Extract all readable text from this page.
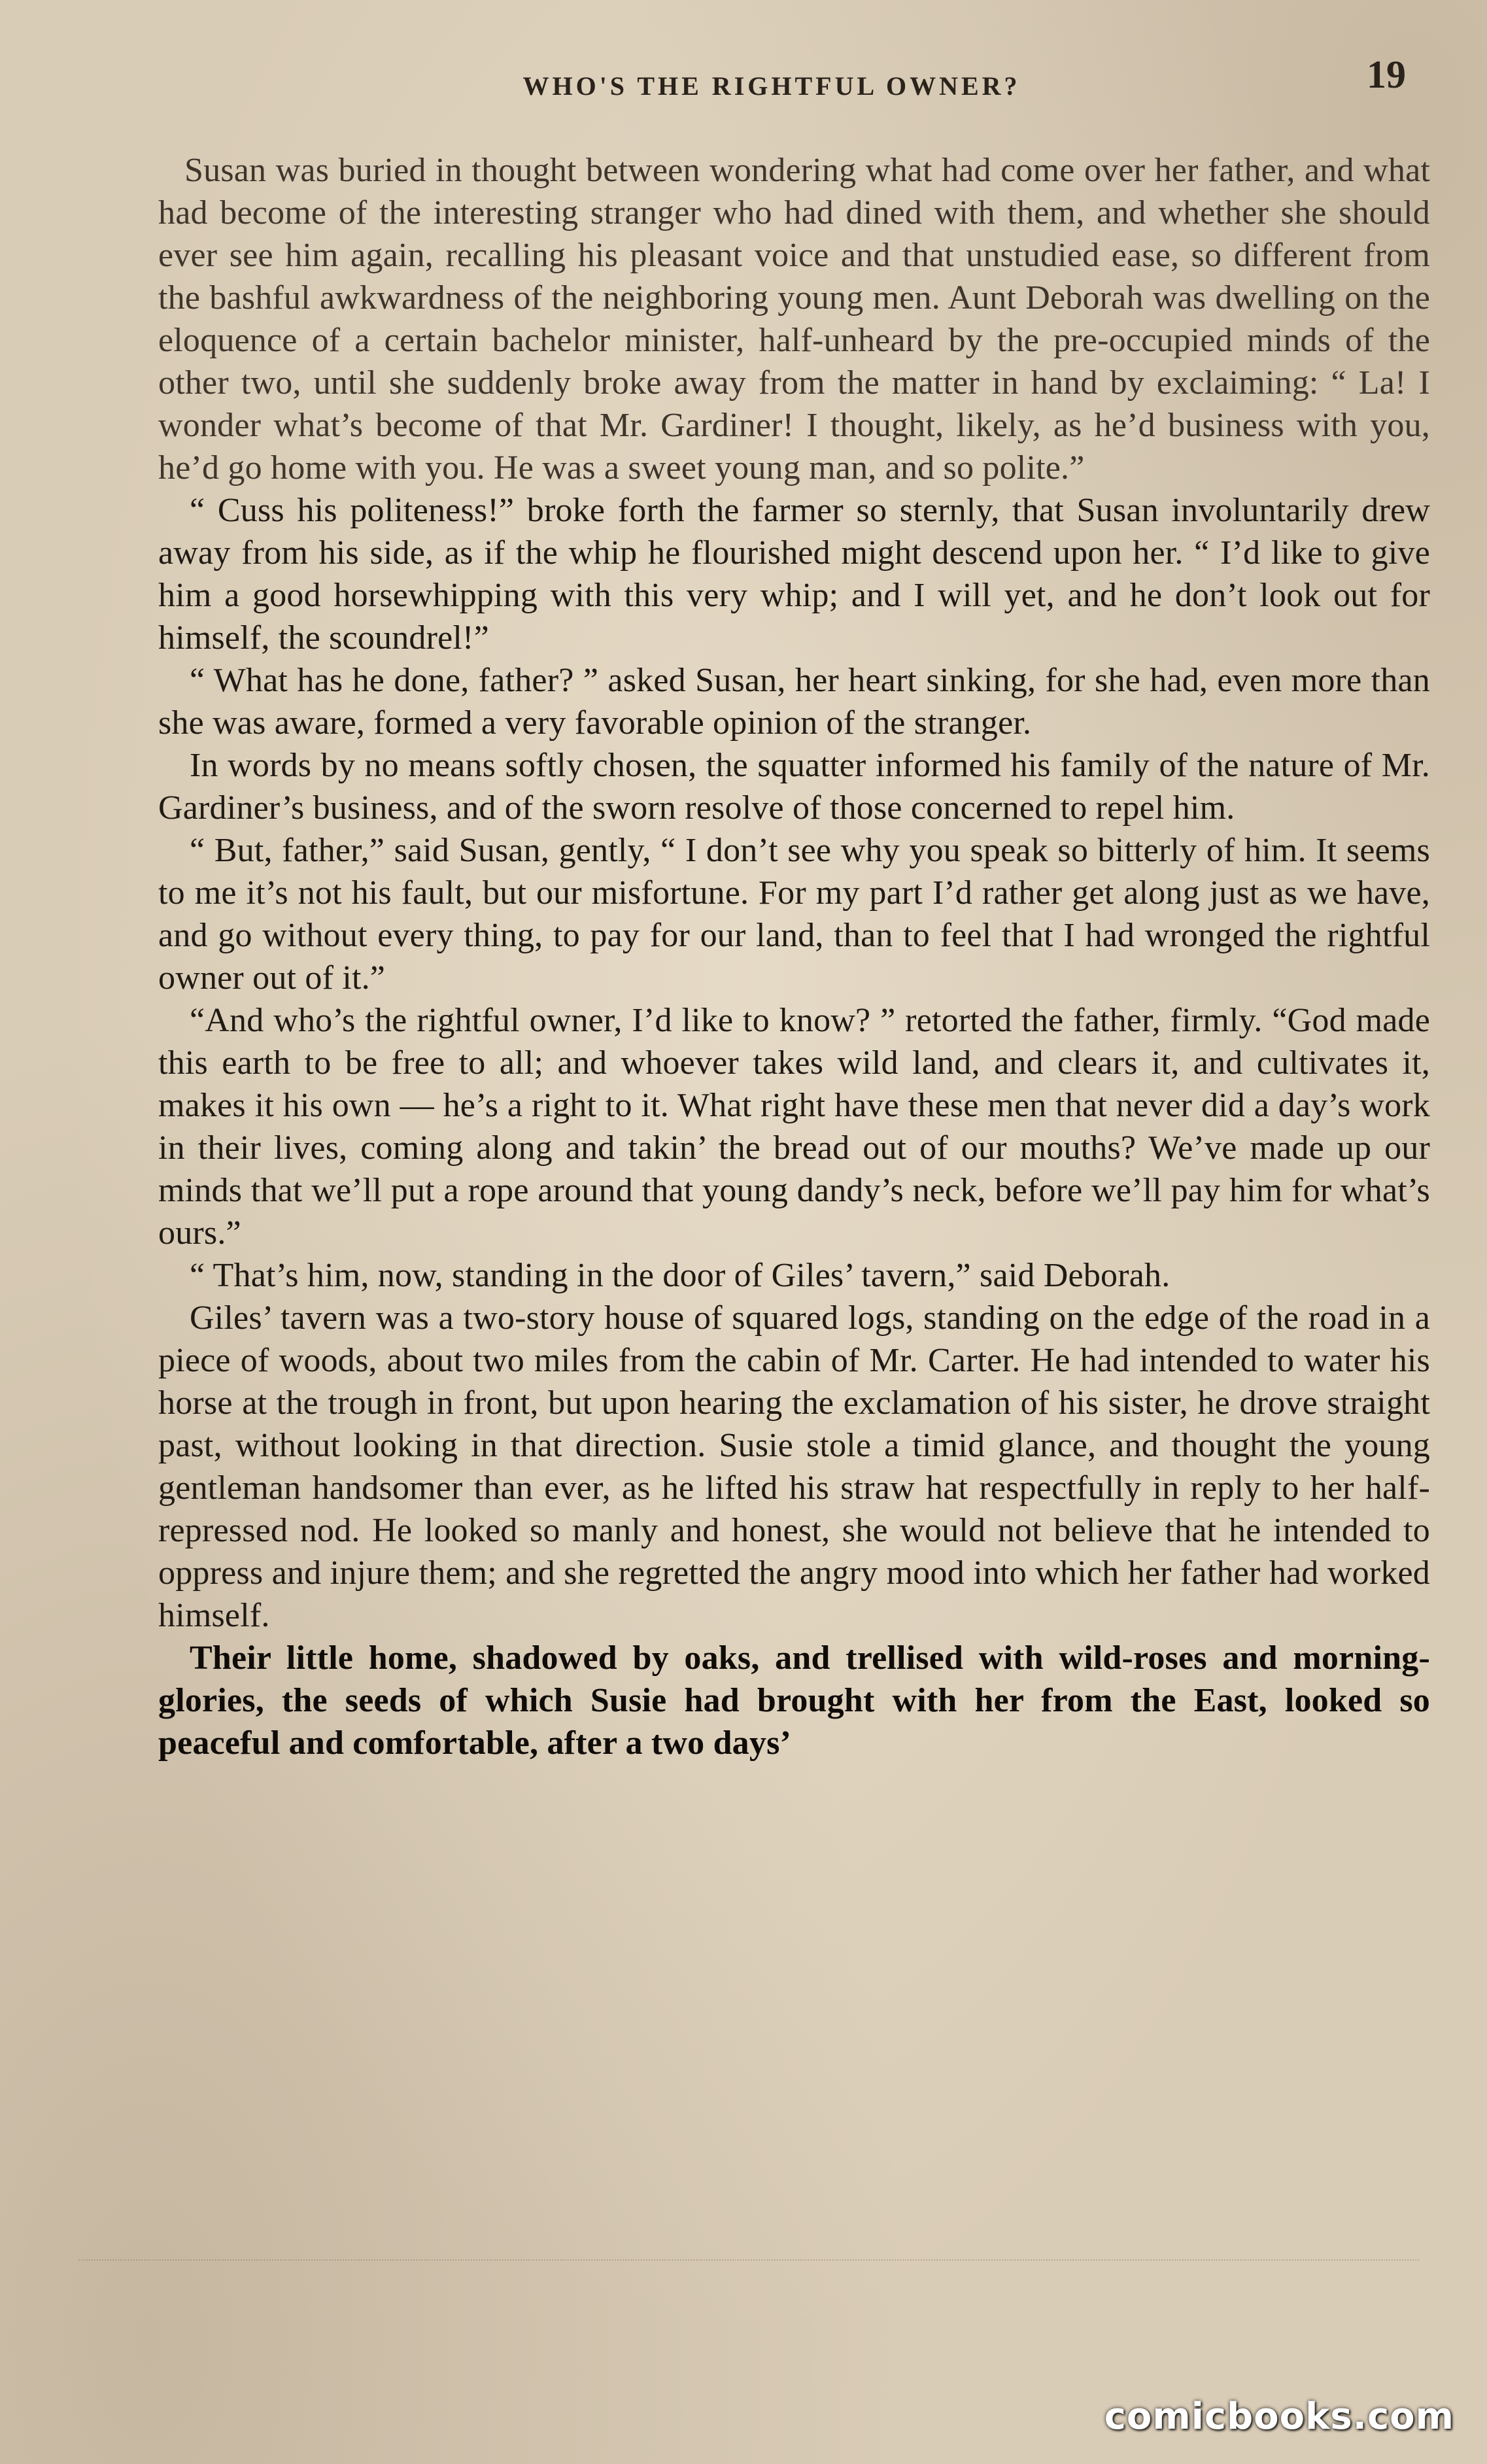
WHO'S THE RIGHTFUL OWNER?	19

Susan was buried in thought between wondering what had come over her father, and what had become of the interesting stranger who had dined with them, and whether she should ever see him again, recalling his pleasant voice and that unstudied ease, so different from the bashful awkwardness of the neighboring young men. Aunt Deborah was dwelling on the eloquence of a certain bachelor minister, half-unheard by the pre-occupied minds of the other two, until she suddenly broke away from the matter in hand by exclaiming: “ La! I wonder what’s become of that Mr. Gardiner! I thought, likely, as he’d business with you, he’d go home with you. He was a sweet young man, and so polite.”

“ Cuss his politeness!” broke forth the farmer so sternly, that Susan involuntarily drew away from his side, as if the whip he flourished might descend upon her. “ I’d like to give him a good horsewhipping with this very whip; and I will yet, and he don’t look out for himself, the scoundrel!”

“ What has he done, father? ” asked Susan, her heart sinking, for she had, even more than she was aware, formed a very favorable opinion of the stranger.

In words by no means softly chosen, the squatter informed his family of the nature of Mr. Gardiner’s business, and of the sworn resolve of those concerned to repel him.

“ But, father,” said Susan, gently, “ I don’t see why you speak so bitterly of him. It seems to me it’s not his fault, but our misfortune. For my part I’d rather get along just as we have, and go without every thing, to pay for our land, than to feel that I had wronged the rightful owner out of it.”

“And who’s the rightful owner, I’d like to know? ” retorted the father, firmly. “God made this earth to be free to all; and whoever takes wild land, and clears it, and cultivates it, makes it his own — he’s a right to it. What right have these men that never did a day’s work in their lives, coming along and takin’ the bread out of our mouths? We’ve made up our minds that we’ll put a rope around that young dandy’s neck, before we’ll pay him for what’s ours.”

“ That’s him, now, standing in the door of Giles’ tavern,” said Deborah.

Giles’ tavern was a two-story house of squared logs, standing on the edge of the road in a piece of woods, about two miles from the cabin of Mr. Carter. He had intended to water his horse at the trough in front, but upon hearing the exclamation of his sister, he drove straight past, without looking in that direction. Susie stole a timid glance, and thought the young gentleman handsomer than ever, as he lifted his straw hat respectfully in reply to her half-repressed nod. He looked so manly and honest, she would not believe that he intended to oppress and injure them; and she regretted the angry mood into which her father had worked himself.

Their little home, shadowed by oaks, and trellised with wild-roses and morning-glories, the seeds of which Susie had brought with her from the East, looked so peaceful and comfortable, after a two days’

comicbooks.com
